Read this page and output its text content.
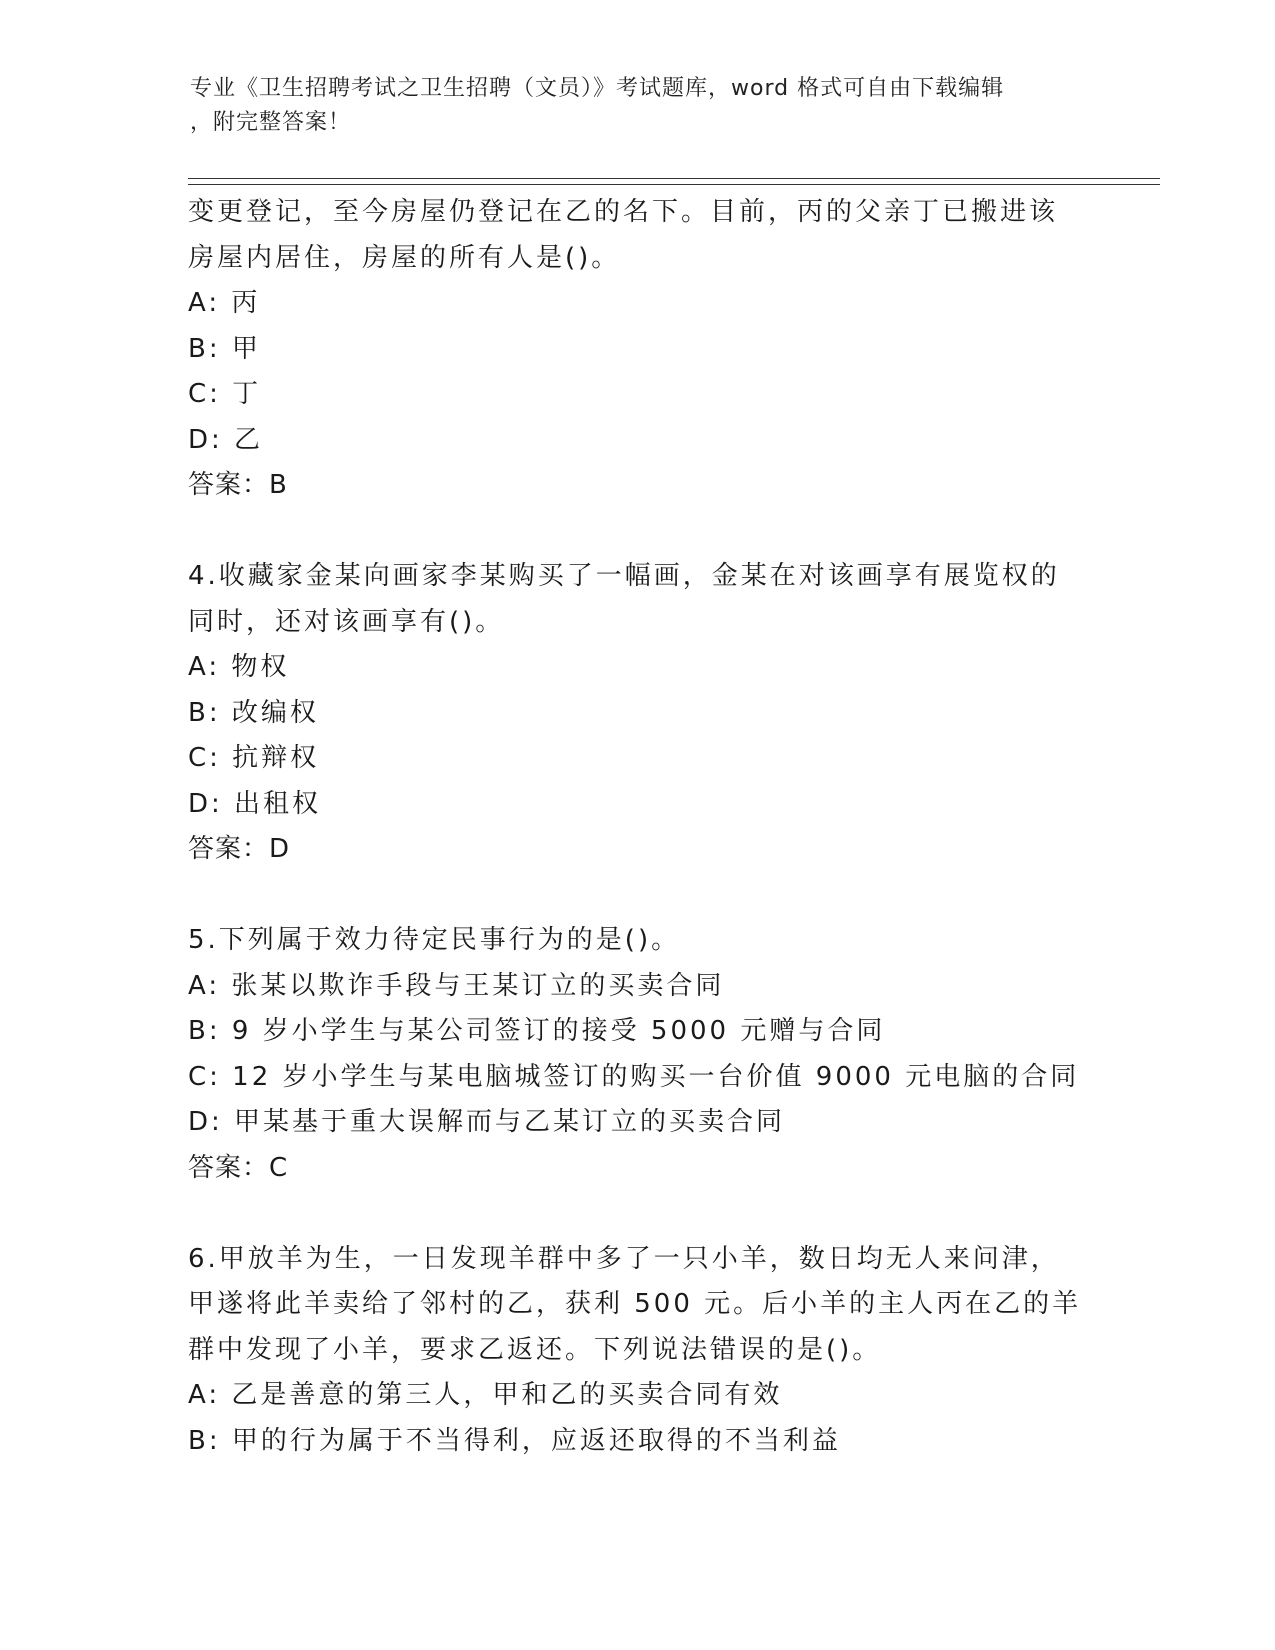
专业《卫生招聘考试之卫生招聘（文员）》考试题库，word 格式可自由下载编辑
，附完整答案！
变更登记，至今房屋仍登记在乙的名下。目前，丙的父亲丁已搬进该
房屋内居住，房屋的所有人是()。
A: 丙
B: 甲
C: 丁
D: 乙
答案：B
4.收藏家金某向画家李某购买了一幅画，金某在对该画享有展览权的
同时，还对该画享有()。
A: 物权
B: 改编权
C: 抗辩权
D: 出租权
答案：D
5.下列属于效力待定民事行为的是()。
A: 张某以欺诈手段与王某订立的买卖合同
B: 9 岁小学生与某公司签订的接受 5000 元赠与合同
C: 12 岁小学生与某电脑城签订的购买一台价值 9000 元电脑的合同
D: 甲某基于重大误解而与乙某订立的买卖合同
答案：C
6.甲放羊为生，一日发现羊群中多了一只小羊，数日均无人来问津，
甲遂将此羊卖给了邻村的乙，获利 500 元。后小羊的主人丙在乙的羊
群中发现了小羊，要求乙返还。下列说法错误的是()。
A: 乙是善意的第三人，甲和乙的买卖合同有效
B: 甲的行为属于不当得利，应返还取得的不当利益
